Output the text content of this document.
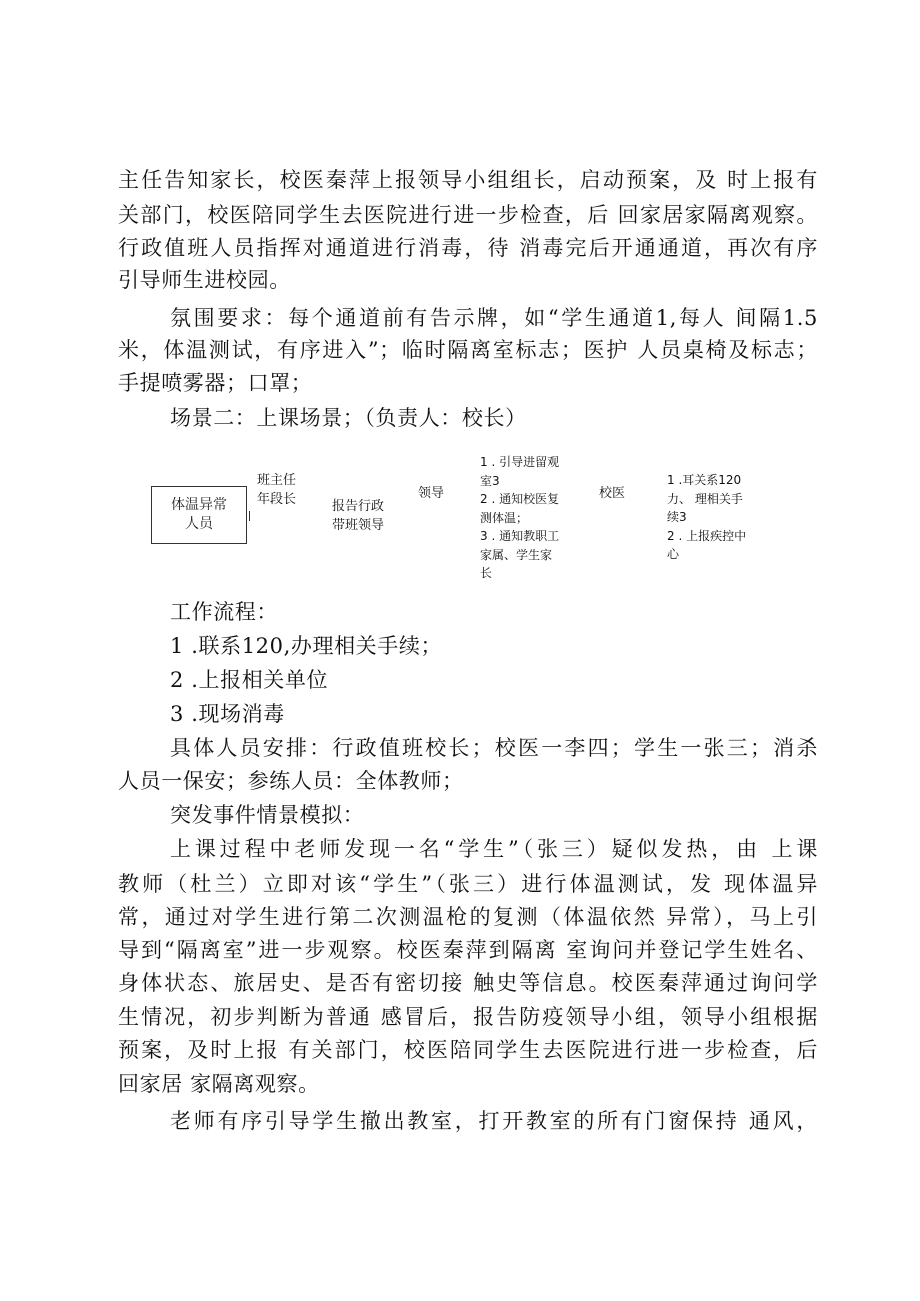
主任告知家长，校医秦萍上报领导小组组长，启动预案，及 时上报有
关部门，校医陪同学生去医院进行进一步检查，后 回家居家隔离观察。
行政值班人员指挥对通道进行消毒，待 消毒完后开通通道，再次有序
引导师生进校园。
氛围要求：每个通道前有告示牌，如“学生通道1,每人 间隔1.5
米，体温测试，有序进入”；临时隔离室标志；医护 人员桌椅及标志；
手提喷雾器；口罩；
场景二：上课场景；（负责人：校长）
体温异常
人员
班主任
年段长	报告行政
带班领导
领导
1 . 引导进留观
室3
2 . 通知校医复
测体温；
3 . 通知教职工
家属、学生家
长
校医
1 .耳关系120
力、 理相关手
续3
2 . 上报疾控中
心
工作流程：
1 .联系120,办理相关手续；
2 .上报相关单位
3 .现场消毒
具体人员安排：行政值班校长；校医一李四；学生一张三；消杀
人员一保安；参练人员：全体教师；
突发事件情景模拟：
上课过程中老师发现一名“学生”（张三）疑似发热，由 上课
教师（杜兰）立即对该“学生”（张三）进行体温测试，发 现体温异
常，通过对学生进行第二次测温枪的复测（体温依然 异常），马上引
导到“隔离室”进一步观察。校医秦萍到隔离 室询问并登记学生姓名、
身体状态、旅居史、是否有密切接 触史等信息。校医秦萍通过询问学
生情况，初步判断为普通 感冒后，报告防疫领导小组，领导小组根据
预案，及时上报 有关部门，校医陪同学生去医院进行进一步检查，后
回家居 家隔离观察。
老师有序引导学生撤出教室，打开教室的所有门窗保持 通风，
